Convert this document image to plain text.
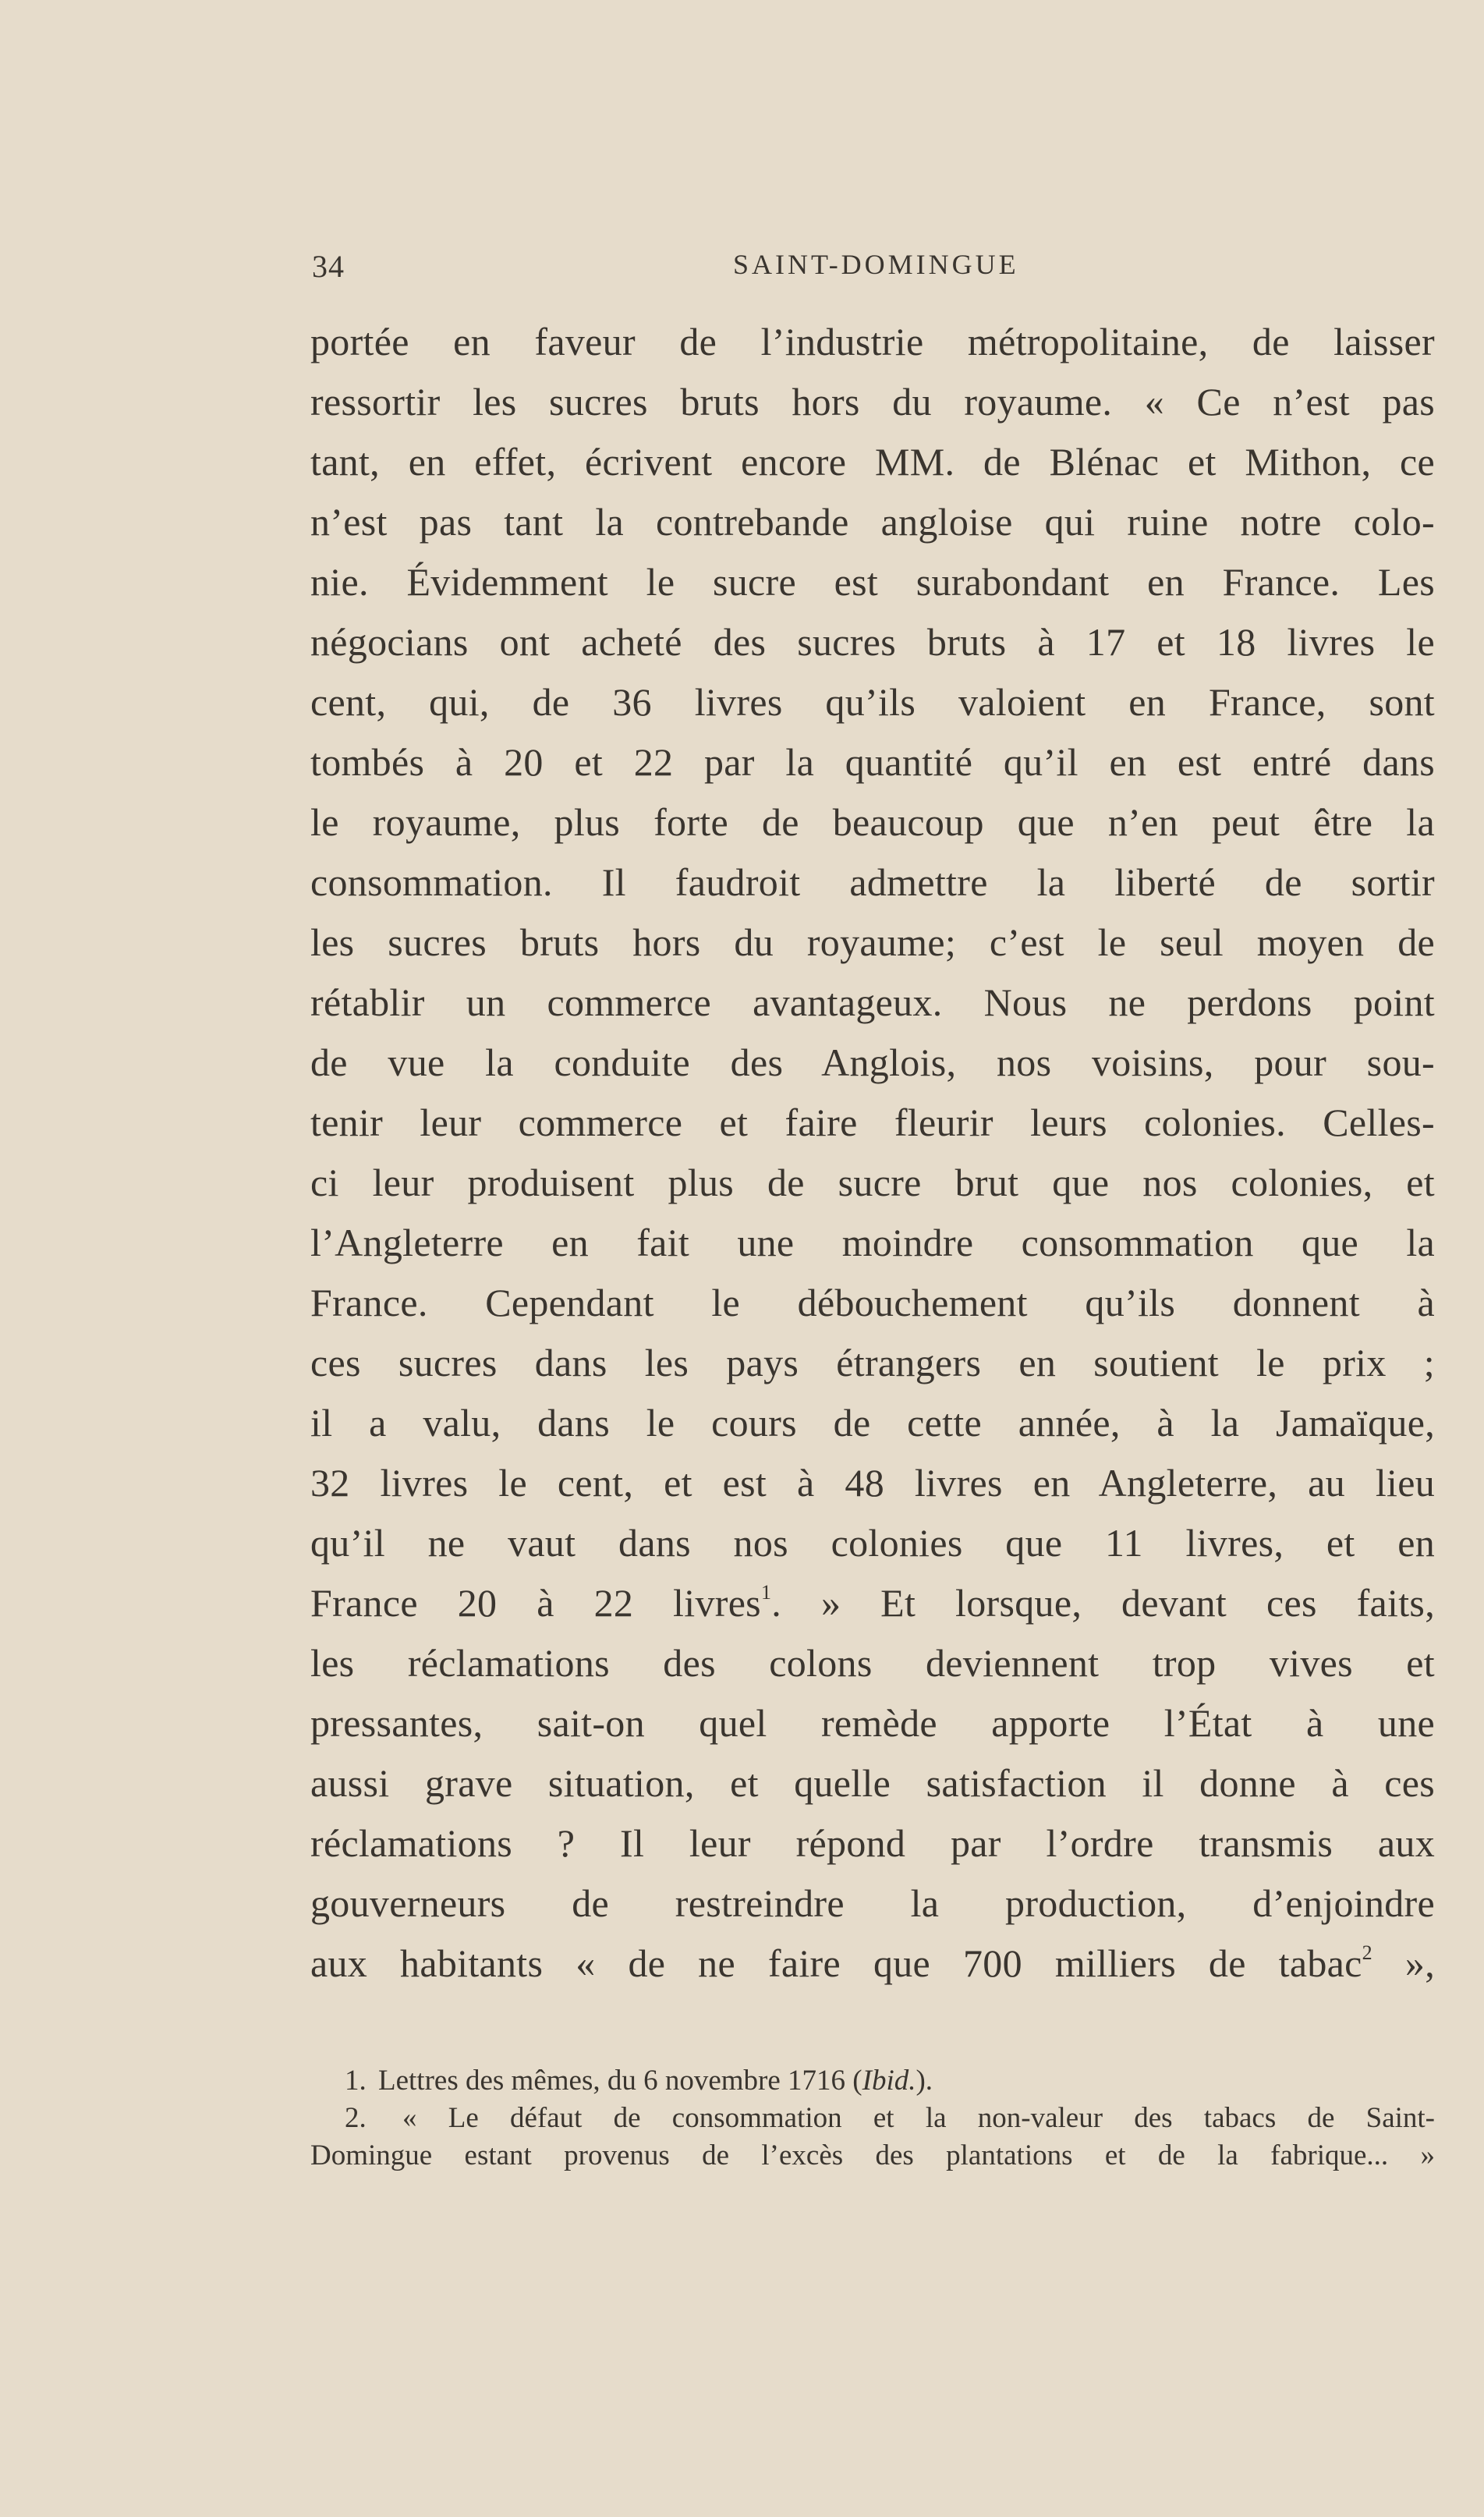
34	SAINT-DOMINGUE
portée en faveur de l’industrie métropolitaine, de laisser
ressortir les sucres bruts hors du royaume. « Ce n’est pas
tant, en effet, écrivent encore MM. de Blénac et Mithon, ce
n’est pas tant la contrebande angloise qui ruine notre colo-
nie. Évidemment le sucre est surabondant en France. Les
négocians ont acheté des sucres bruts à 17 et 18 livres le
cent, qui, de 36 livres qu’ils valoient en France, sont
tombés à 20 et 22 par la quantité qu’il en est entré dans
le royaume, plus forte de beaucoup que n’en peut être la
consommation. Il faudroit admettre la liberté de sortir
les sucres bruts hors du royaume; c’est le seul moyen de
rétablir un commerce avantageux. Nous ne perdons point
de vue la conduite des Anglois, nos voisins, pour sou-
tenir leur commerce et faire fleurir leurs colonies. Celles-
ci leur produisent plus de sucre brut que nos colonies, et
l’Angleterre en fait une moindre consommation que la
France. Cependant le débouchement qu’ils donnent à
ces sucres dans les pays étrangers en soutient le prix ;
il a valu, dans le cours de cette année, à la Jamaïque,
32 livres le cent, et est à 48 livres en Angleterre, au lieu
qu’il ne vaut dans nos colonies que 11 livres, et en
France 20 à 22 livres$^1$. » Et lorsque, devant ces faits,
les réclamations des colons deviennent trop vives et
pressantes, sait-on quel remède apporte l’État à une
aussi grave situation, et quelle satisfaction il donne à ces
réclamations ? Il leur répond par l’ordre transmis aux
gouverneurs de restreindre la production, d’enjoindre
aux habitants « de ne faire que 700 milliers de tabac$^2$ »,
1. Lettres des mêmes, du 6 novembre 1716 (Ibid.).
2. « Le défaut de consommation et la non-valeur des tabacs de Saint-
Domingue estant provenus de l’excès des plantations et de la fabrique... »
